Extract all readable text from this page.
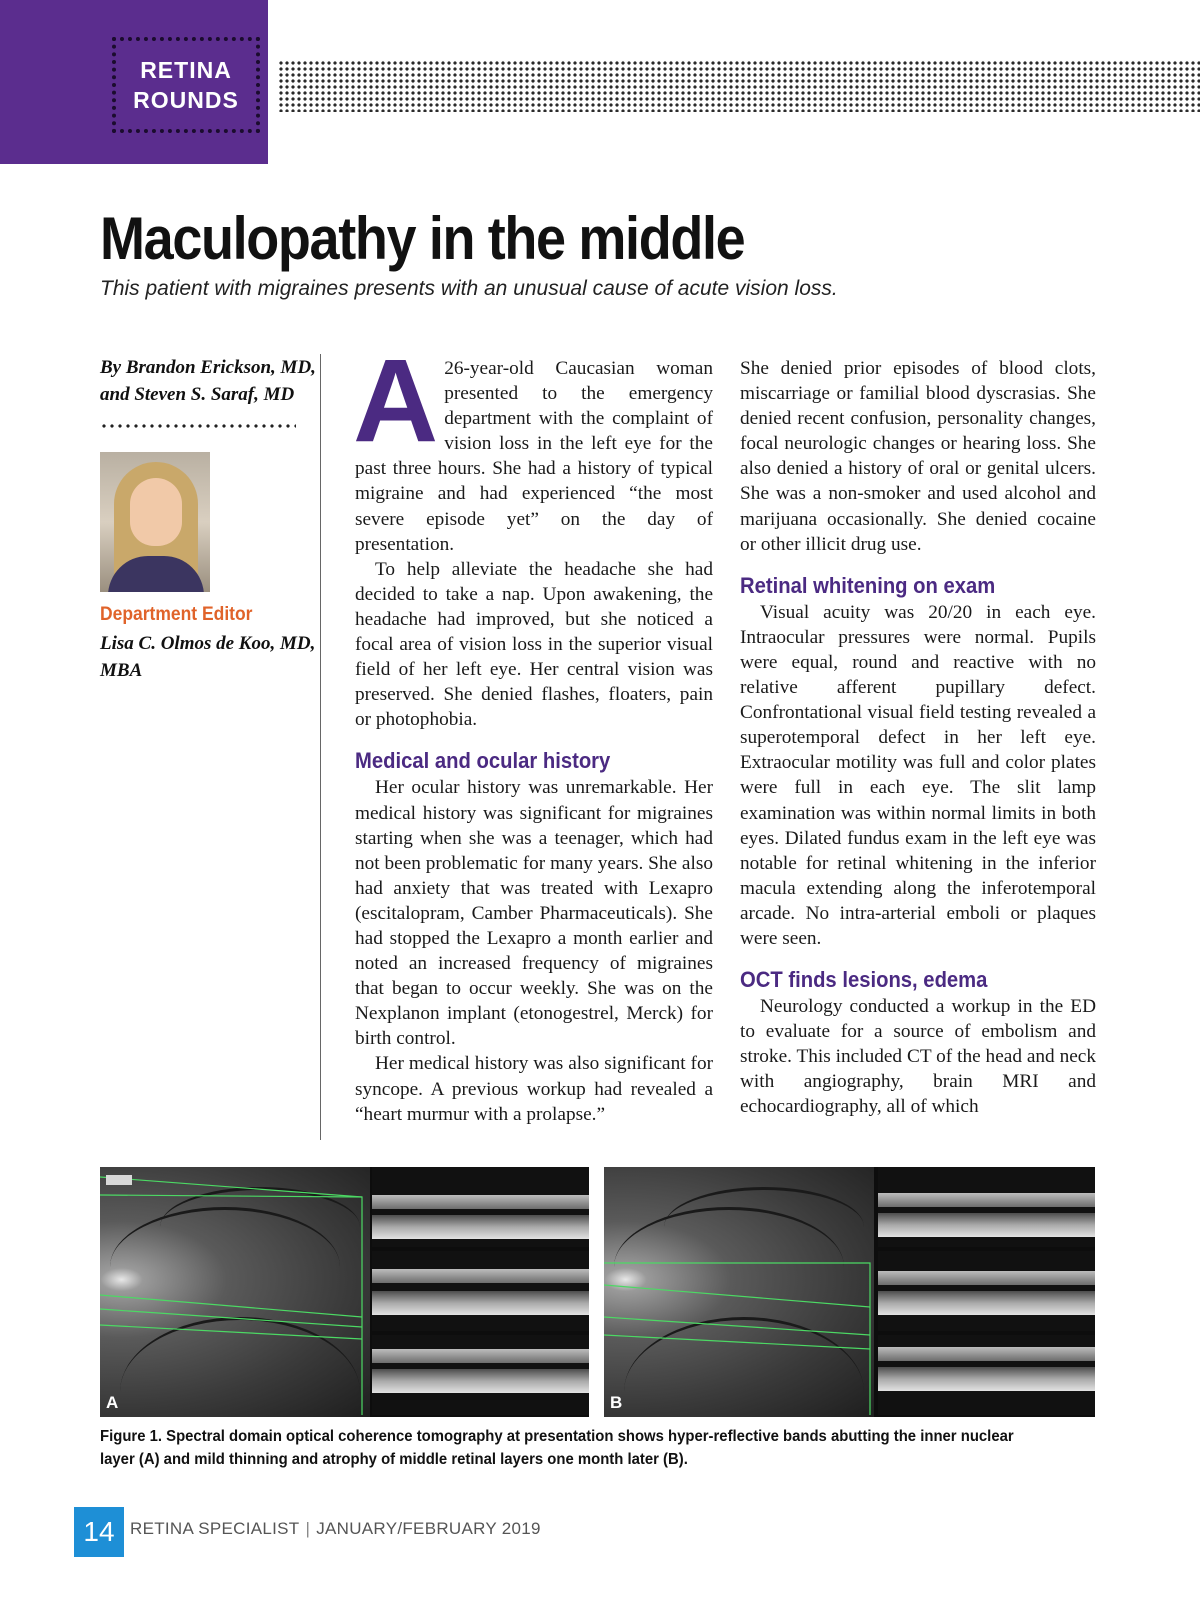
RETINA
ROUNDS
Maculopathy in the middle
This patient with migraines presents with an unusual cause of acute vision loss.
By Brandon Erickson, MD, and Steven S. Saraf, MD
Department Editor
Lisa C. Olmos de Koo, MD, MBA

A 26-year-old Caucasian woman presented to the emergency department with the complaint of vision loss in the left eye for the past three hours. She had a history of typical migraine and had experienced “the most severe episode yet” on the day of presentation.

To help alleviate the headache she had decided to take a nap. Upon awakening, the headache had improved, but she noticed a focal area of vision loss in the superior visual field of her left eye. Her central vision was preserved. She denied flashes, floaters, pain or photophobia.

Medical and ocular history

Her ocular history was unremarkable. Her medical history was significant for migraines starting when she was a teenager, which had not been problematic for many years. She also had anxiety that was treated with Lexapro (escitalopram, Camber Pharmaceuticals). She had stopped the Lexapro a month earlier and noted an increased frequency of migraines that began to occur weekly. She was on the Nexplanon implant (etonogestrel, Merck) for birth control.

Her medical history was also significant for syncope. A previous workup had revealed a “heart murmur with a prolapse.”

She denied prior episodes of blood clots, miscarriage or familial blood dyscrasias. She denied recent confusion, personality changes, focal neurologic changes or hearing loss. She also denied a history of oral or genital ulcers. She was a non-smoker and used alcohol and marijuana occasionally. She denied cocaine or other illicit drug use.

Retinal whitening on exam

Visual acuity was 20/20 in each eye. Intraocular pressures were normal. Pupils were equal, round and reactive with no relative afferent pupillary defect. Confrontational visual field testing revealed a superotemporal defect in her left eye. Extraocular motility was full and color plates were full in each eye. The slit lamp examination was within normal limits in both eyes. Dilated fundus exam in the left eye was notable for retinal whitening in the inferior macula extending along the inferotemporal arcade. No intra-arterial emboli or plaques were seen.

OCT finds lesions, edema

Neurology conducted a workup in the ED to evaluate for a source of embolism and stroke. This included CT of the head and neck with angiography, brain MRI and echocardiography, all of which

A	B
Figure 1. Spectral domain optical coherence tomography at presentation shows hyper-reflective bands abutting the inner nuclear layer (A) and mild thinning and atrophy of middle retinal layers one month later (B).
14 RETINA SPECIALIST | JANUARY/FEBRUARY 2019
